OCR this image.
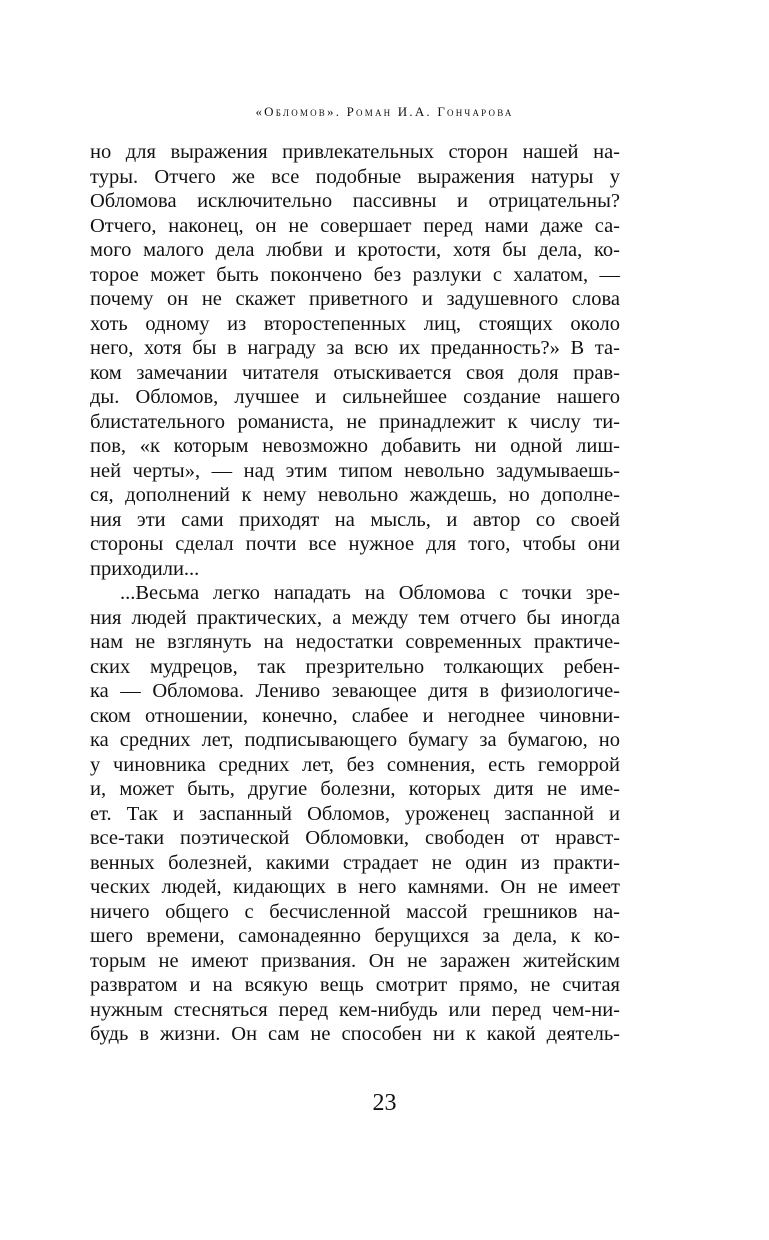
«Обломов». Роман И.А. Гончарова
но для выражения привлекательных сторон нашей на-
туры. Отчего же все подобные выражения натуры у
Обломова исключительно пассивны и отрицательны?
Отчего, наконец, он не совершает перед нами даже са-
мого малого дела любви и кротости, хотя бы дела, ко-
торое может быть покончено без разлуки с халатом, —
почему он не скажет приветного и задушевного слова
хоть одному из второстепенных лиц, стоящих около
него, хотя бы в награду за всю их преданность?» В та-
ком замечании читателя отыскивается своя доля прав-
ды. Обломов, лучшее и сильнейшее создание нашего
блистательного романиста, не принадлежит к числу ти-
пов, «к которым невозможно добавить ни одной лиш-
ней черты», — над этим типом невольно задумываешь-
ся, дополнений к нему невольно жаждешь, но дополне-
ния эти сами приходят на мысль, и автор со своей
стороны сделал почти все нужное для того, чтобы они
приходили...
...Весьма легко нападать на Обломова с точки зре-
ния людей практических, а между тем отчего бы иногда
нам не взглянуть на недостатки современных практиче-
ских мудрецов, так презрительно толкающих ребен-
ка — Обломова. Лениво зевающее дитя в физиологиче-
ском отношении, конечно, слабее и негоднее чиновни-
ка средних лет, подписывающего бумагу за бумагою, но
у чиновника средних лет, без сомнения, есть геморрой
и, может быть, другие болезни, которых дитя не име-
ет. Так и заспанный Обломов, уроженец заспанной и
все-таки поэтической Обломовки, свободен от нравст-
венных болезней, какими страдает не один из практи-
ческих людей, кидающих в него камнями. Он не имеет
ничего общего с бесчисленной массой грешников на-
шего времени, самонадеянно берущихся за дела, к ко-
торым не имеют призвания. Он не заражен житейским
развратом и на всякую вещь смотрит прямо, не считая
нужным стесняться перед кем-нибудь или перед чем-ни-
будь в жизни. Он сам не способен ни к какой деятель-
23
